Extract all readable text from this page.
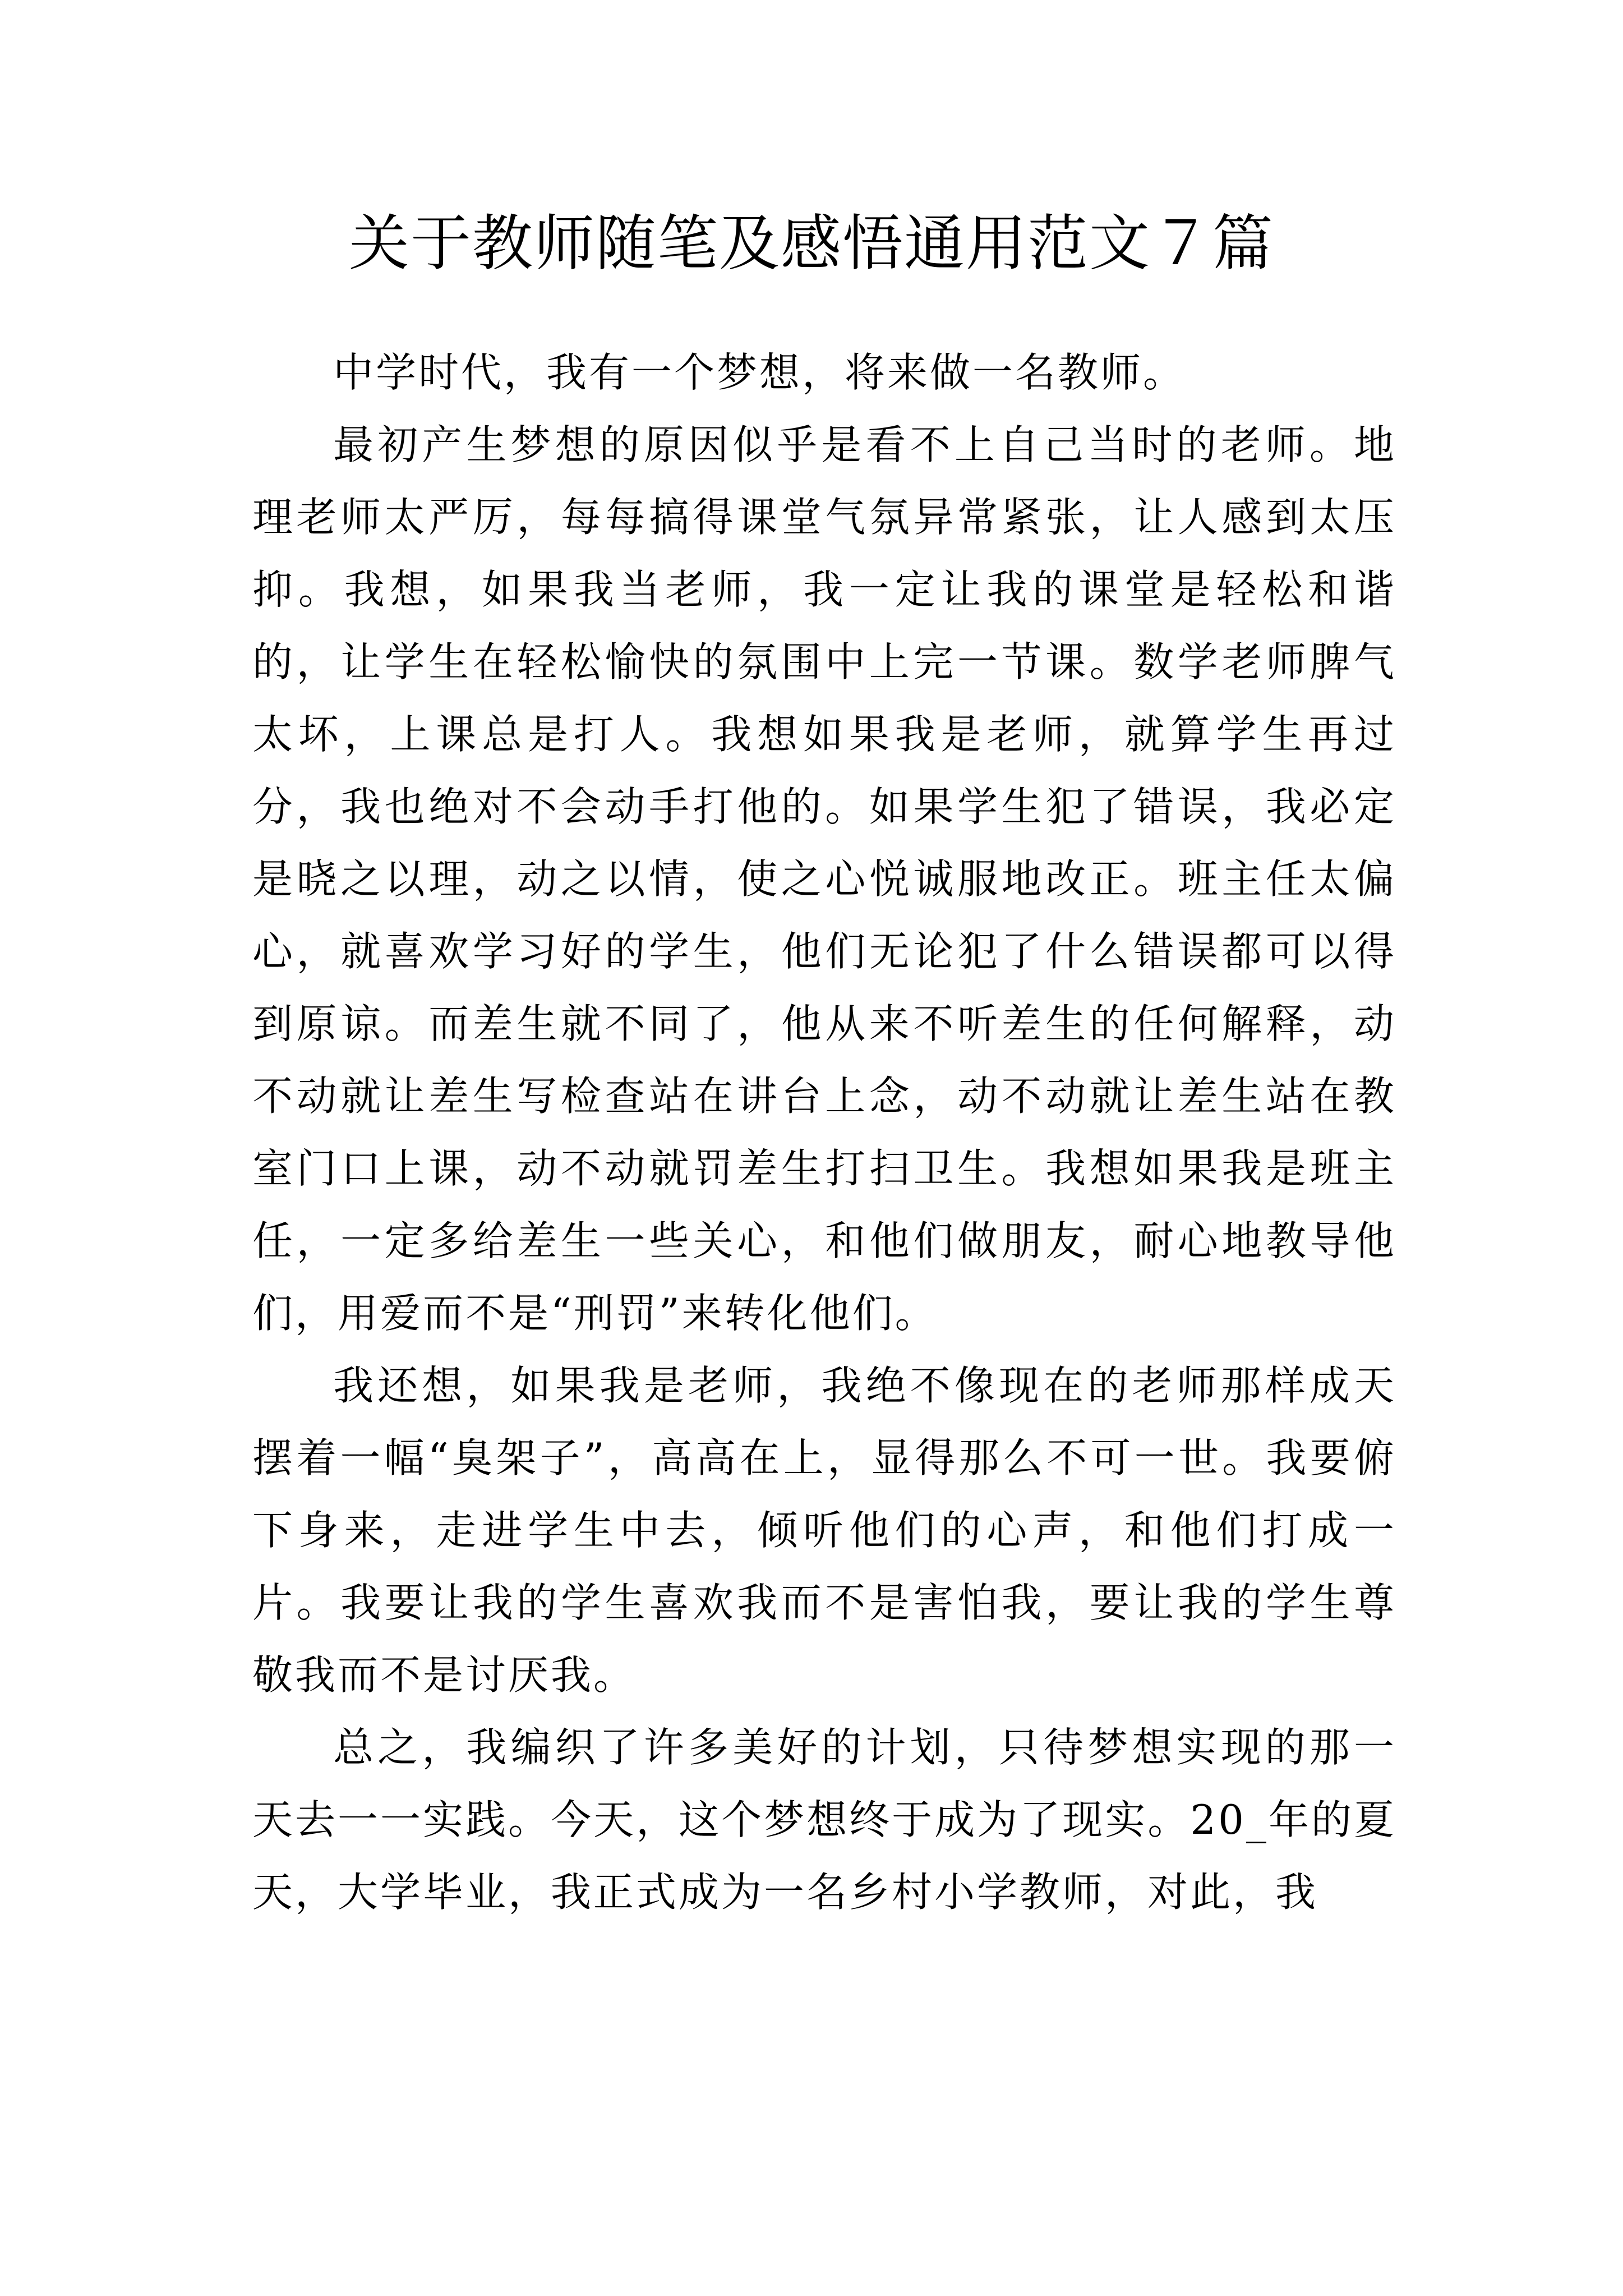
关于教师随笔及感悟通用范文７篇

中学时代，我有一个梦想，将来做一名教师。

最初产生梦想的原因似乎是看不上自己当时的老师。地理老师太严厉，每每搞得课堂气氛异常紧张，让人感到太压抑。我想，如果我当老师，我一定让我的课堂是轻松和谐的，让学生在轻松愉快的氛围中上完一节课。数学老师脾气太坏，上课总是打人。我想如果我是老师，就算学生再过分，我也绝对不会动手打他的。如果学生犯了错误，我必定是晓之以理，动之以情，使之心悦诚服地改正。班主任太偏心，就喜欢学习好的学生，他们无论犯了什么错误都可以得到原谅。而差生就不同了，他从来不听差生的任何解释，动不动就让差生写检查站在讲台上念，动不动就让差生站在教室门口上课，动不动就罚差生打扫卫生。我想如果我是班主任，一定多给差生一些关心，和他们做朋友，耐心地教导他们，用爱而不是“刑罚”来转化他们。

我还想，如果我是老师，我绝不像现在的老师那样成天摆着一幅“臭架子”，高高在上，显得那么不可一世。我要俯下身来，走进学生中去，倾听他们的心声，和他们打成一片。我要让我的学生喜欢我而不是害怕我，要让我的学生尊敬我而不是讨厌我。

总之，我编织了许多美好的计划，只待梦想实现的那一天去一一实践。今天，这个梦想终于成为了现实。20_年的夏天，大学毕业，我正式成为一名乡村小学教师，对此，我
